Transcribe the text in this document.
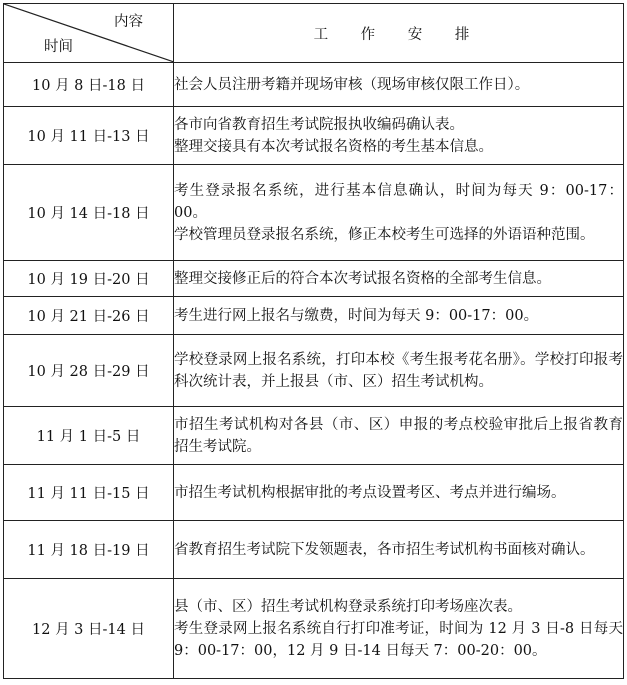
内容
时间	工 作 安 排
10 月 8 日-18 日	社会人员注册考籍并现场审核（现场审核仅限工作日）。

10 月 11 日-13 日	各市向省教育招生考试院报执收编码确认表。

整理交接具有本次考试报名资格的考生基本信息。

10 月 14 日-18 日	考生登录报名系统，进行基本信息确认，时间为每天 9：00-17：00。

学校管理员登录报名系统，修正本校考生可选择的外语语种范围。

10 月 19 日-20 日	整理交接修正后的符合本次考试报名资格的全部考生信息。

10 月 21 日-26 日	考生进行网上报名与缴费，时间为每天 9：00-17：00。

10 月 28 日-29 日	学校登录网上报名系统，打印本校《考生报考花名册》。学校打印报考科次统计表，并上报县（市、区）招生考试机构。

11 月 1 日-5 日	市招生考试机构对各县（市、区）申报的考点校验审批后上报省教育招生考试院。

11 月 11 日-15 日	市招生考试机构根据审批的考点设置考区、考点并进行编场。

11 月 18 日-19 日	省教育招生考试院下发领题表，各市招生考试机构书面核对确认。

12 月 3 日-14 日	县（市、区）招生考试机构登录系统打印考场座次表。

考生登录网上报名系统自行打印准考证，时间为 12 月 3 日-8 日每天 9：00-17：00，12 月 9 日-14 日每天 7：00-20：00。
